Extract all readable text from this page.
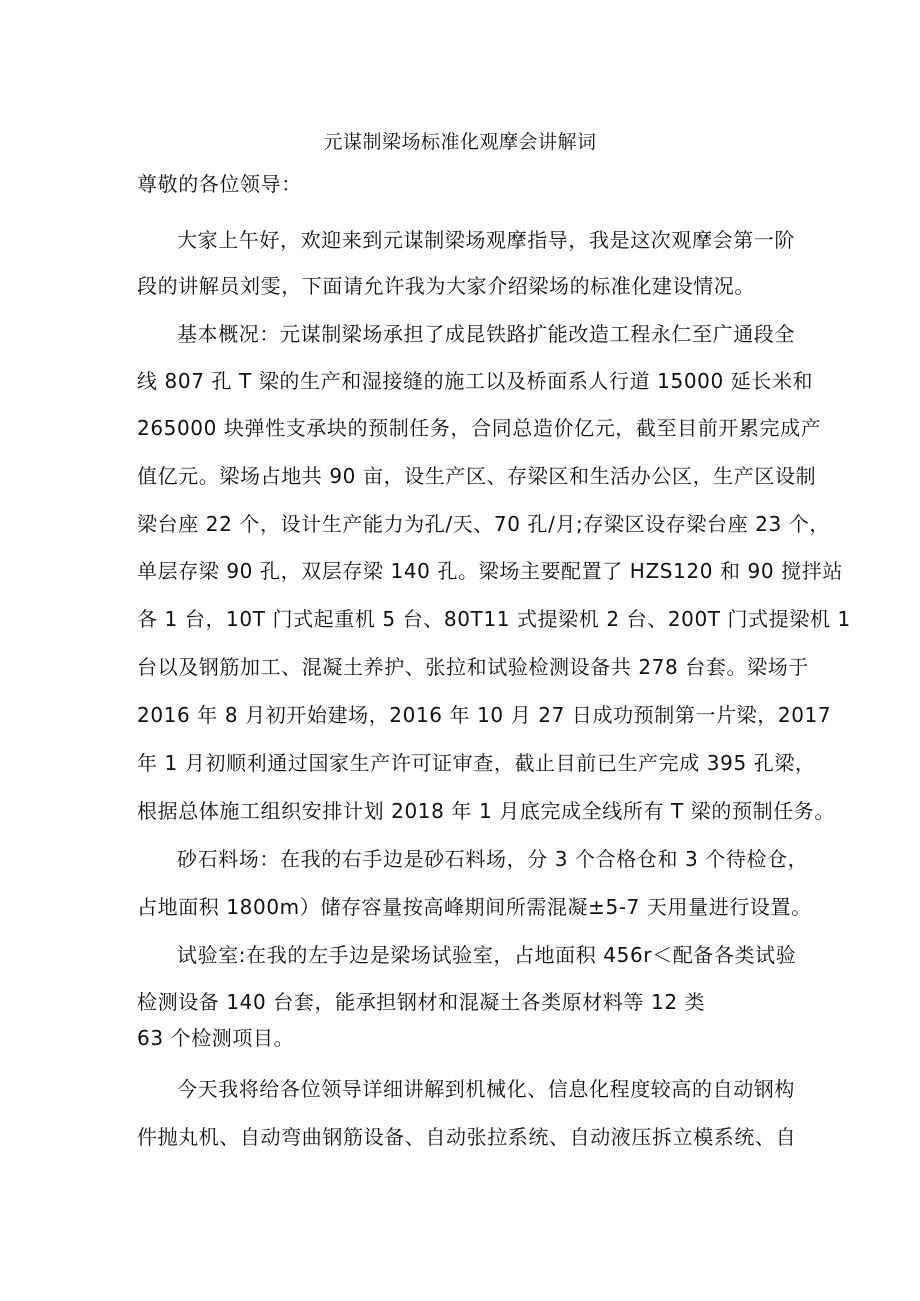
元谋制梁场标准化观摩会讲解词
尊敬的各位领导：
大家上午好，欢迎来到元谋制梁场观摩指导，我是这次观摩会第一阶
段的讲解员刘雯，下面请允许我为大家介绍梁场的标准化建设情况。
基本概况：元谋制梁场承担了成昆铁路扩能改造工程永仁至广通段全
线 807 孔 T 梁的生产和湿接缝的施工以及桥面系人行道 15000 延长米和
265000 块弹性支承块的预制任务，合同总造价亿元，截至目前开累完成产
值亿元。梁场占地共 90 亩，设生产区、存梁区和生活办公区，生产区设制
梁台座 22 个，设计生产能力为孔/天、70 孔/月;存梁区设存梁台座 23 个，
单层存梁 90 孔，双层存梁 140 孔。梁场主要配置了 HZS120 和 90 搅拌站
各 1 台，10T 门式起重机 5 台、80T11 式提梁机 2 台、200T 门式提梁机 1
台以及钢筋加工、混凝土养护、张拉和试验检测设备共 278 台套。梁场于
2016 年 8 月初开始建场，2016 年 10 月 27 日成功预制第一片梁，2017
年 1 月初顺利通过国家生产许可证审查，截止目前已生产完成 395 孔梁，
根据总体施工组织安排计划 2018 年 1 月底完成全线所有 T 梁的预制任务。
砂石料场：在我的右手边是砂石料场，分 3 个合格仓和 3 个待检仓，
占地面积 1800m）储存容量按高峰期间所需混凝±5-7 天用量进行设置。
试验室:在我的左手边是梁场试验室，占地面积 456r＜配备各类试验
检测设备 140 台套，能承担钢材和混凝土各类原材料等 12 类
63 个检测项目。
今天我将给各位领导详细讲解到机械化、信息化程度较高的自动钢构
件抛丸机、自动弯曲钢筋设备、自动张拉系统、自动液压拆立模系统、自
